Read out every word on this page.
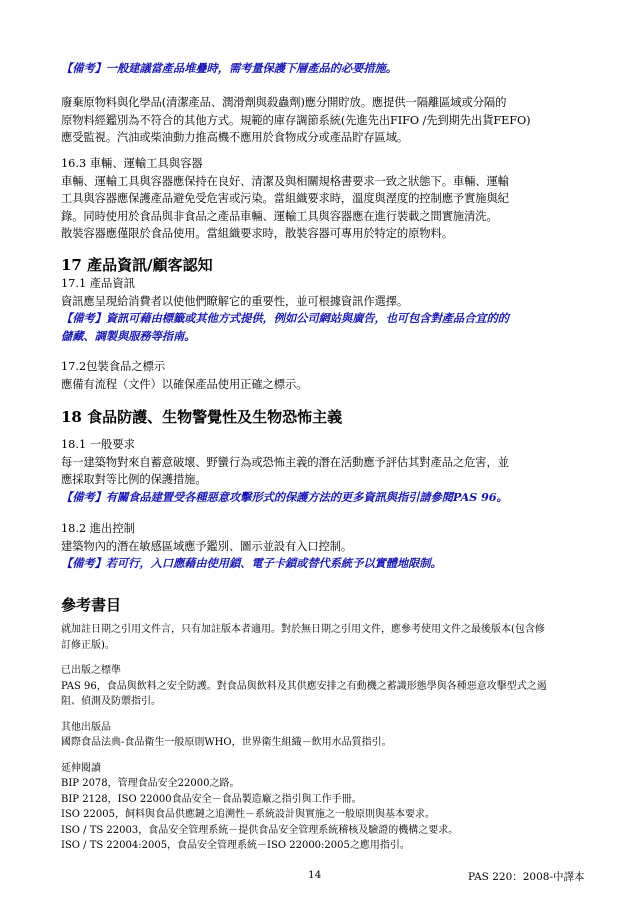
【備考】一般建議當產品堆疊時，需考量保護下層產品的必要措施。

廢棄原物料與化學品(清潔產品、潤滑劑與殺蟲劑)應分開貯放。應提供一隔離區域或分隔的

原物料經鑑別為不符合的其他方式。規範的庫存調節系統(先進先出FIFO /先到期先出貨FEFO)

應受監視。汽油或柴油動力推高機不應用於食物成分或產品貯存區域。

16.3 車輛、運輸工具與容器

車輛、運輸工具與容器應保持在良好、清潔及與相關規格書要求一致之狀態下。車輛、運輸

工具與容器應保護產品避免受危害或污染。當組織要求時，溫度與溼度的控制應予實施與紀

錄。同時使用於食品與非食品之產品車輛、運輸工具與容器應在進行裝載之間實施清洗。

散裝容器應僅限於食品使用。當組織要求時，散裝容器可專用於特定的原物料。

17 產品資訊/顧客認知

17.1 產品資訊

資訊應呈現給消費者以使他們瞭解它的重要性，並可根據資訊作選擇。

【備考】資訊可藉由標籤或其他方式提供，例如公司網站與廣告，也可包含對產品合宜的的

儲藏、調製與服務等指南。

17.2包裝食品之標示

應備有流程（文件）以確保產品使用正確之標示。

18 食品防護、生物警覺性及生物恐怖主義

18.1 一般要求

每一建築物對來自蓄意破壞、野蠻行為或恐怖主義的潛在活動應予評估其對產品之危害，並

應採取對等比例的保護措施。

【備考】有關食品建置受各種惡意攻擊形式的保護方法的更多資訊與指引請參閱PAS 96。

18.2 進出控制

建築物內的潛在敏感區域應予鑑別、圖示並設有入口控制。

【備考】若可行，入口應藉由使用鎖、電子卡鎖或替代系統予以實體地限制。

參考書目

就加註日期之引用文件言，只有加註版本者適用。對於無日期之引用文件，應參考使用文件之最後版本(包含修

訂修正版)。

已出版之標準

PAS 96，食品與飲料之安全防護。對食品與飲料及其供應安排之有動機之蓄識形態學與各種惡意攻擊型式之遏

阻、偵測及防禦指引。

其他出版品

國際食品法典-食品衛生一般原則WHO，世界衛生組織－飲用水品質指引。

延伸閱讀

BIP 2078，管理食品安全22000之路。

BIP 2128，ISO 22000食品安全－食品製造廠之指引與工作手冊。

ISO 22005，飼料與食品供應鏈之追溯性－系統設計與實施之一般原則與基本要求。

ISO / TS 22003，食品安全管理系統－提供食品安全管理系統稽核及驗證的機構之要求。

ISO / TS 22004:2005，食品安全管理系統－ISO 22000:2005之應用指引。

14	PAS 220：2008-中譯本
